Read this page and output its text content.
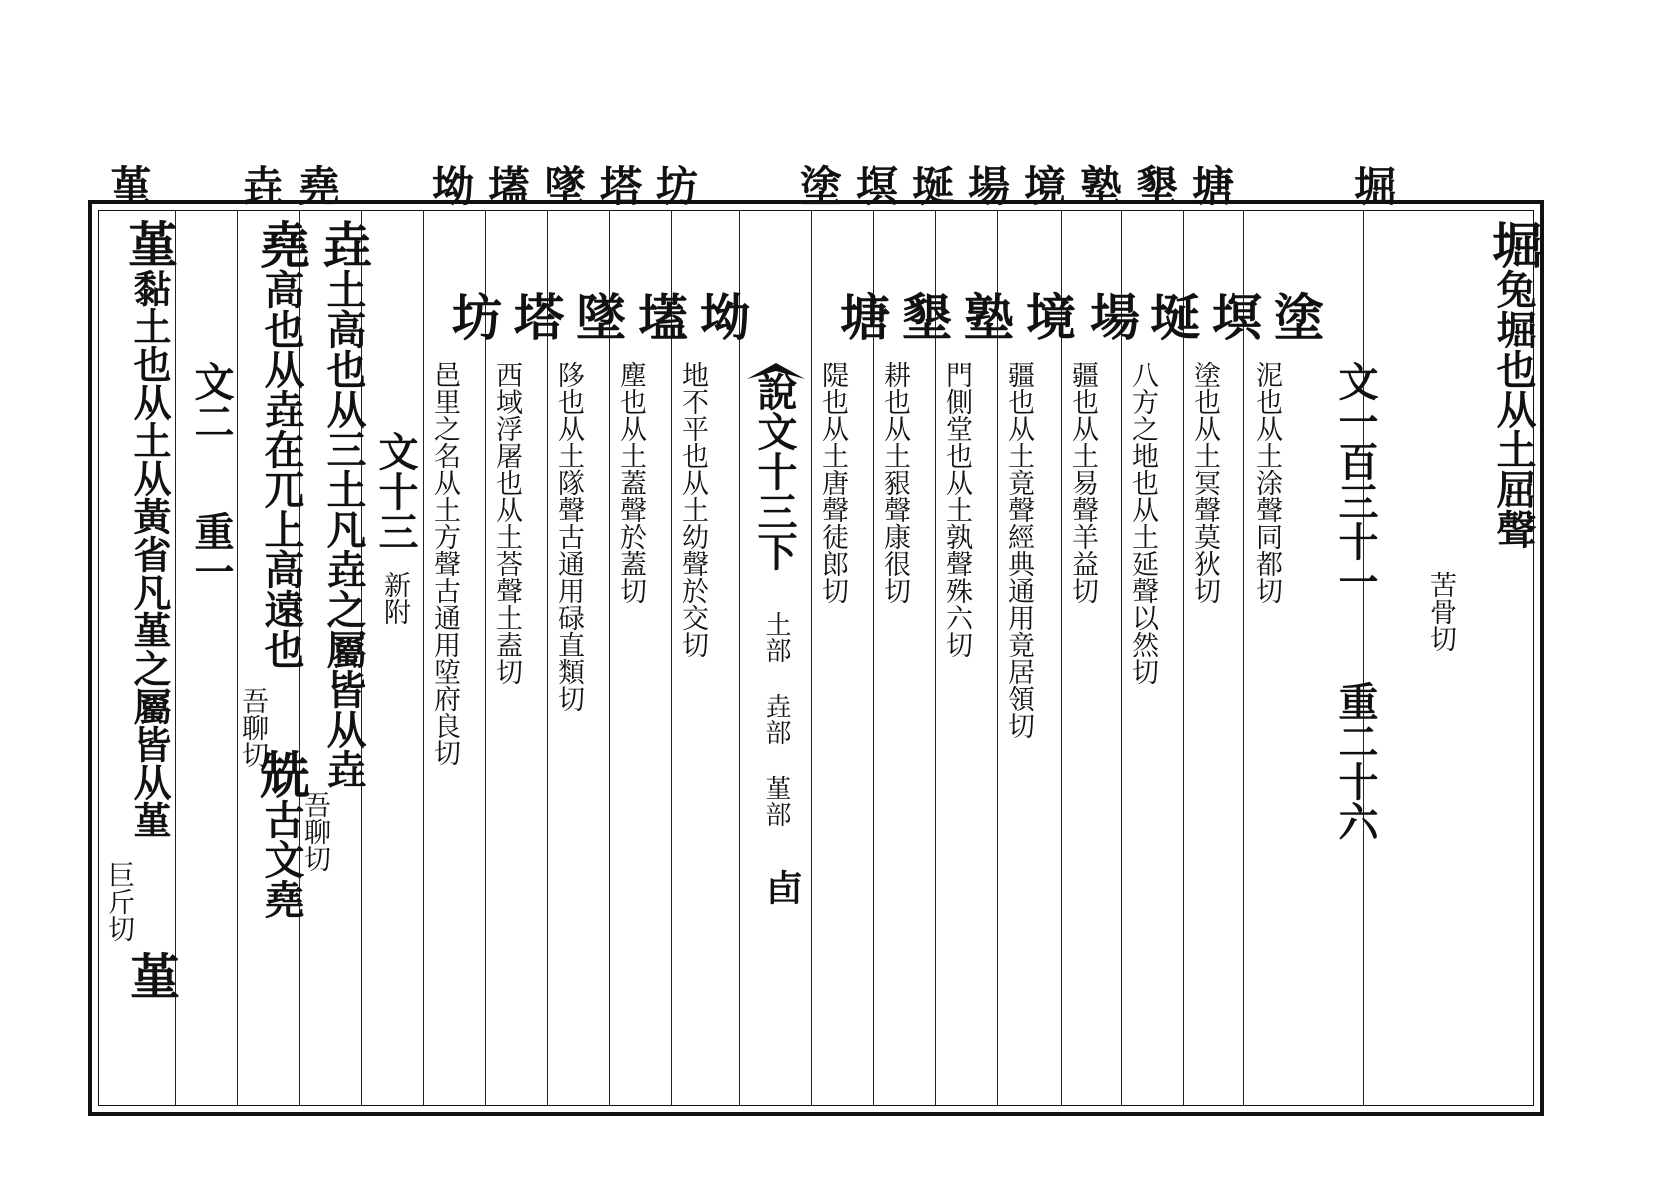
堀
塗塓埏場境塾墾塘
坳壒墜塔坊
垚堯
堇
堀兔堀也从土屈聲
苦骨切
文一百三十一
重二十六
塗
泥也从土涂聲同都切
塓
塗也从土冥聲莫狄切
埏
八方之地也从土延聲以然切
場
疆也从土易聲羊益切
境
疆也从土竟聲經典通用竟居領切
塾
門側堂也从土孰聲殊六切
墾
耕也从土豤聲康很切
塘
隄也从土唐聲徒郎切
說文十三下
土部 垚部 堇部
卣
坳
地不平也从土幼聲於交切
壒
塵也从土蓋聲於蓋切
墜
陊也从土隊聲古通用碌直類切
塔
西域浮屠也从土荅聲土盍切
坊
邑里之名从土方聲古通用埅府良切
文十三
新附
垚土高也从三土凡垚之屬皆从垚
吾聊切
堯高也从垚在兀上高遠也
吾聊切
兟古文堯
文二
重一
堇黏土也从土从黃省凡堇之屬皆从堇
巨斤切
堇
